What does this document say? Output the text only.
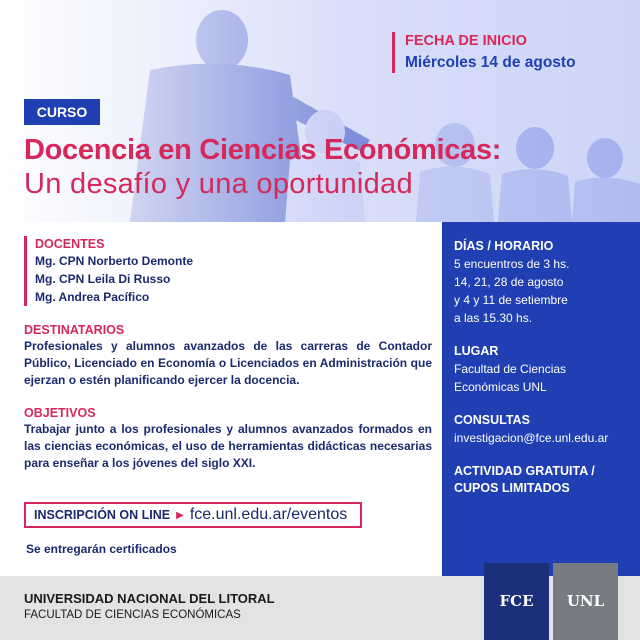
FECHA DE INICIO
Miércoles 14 de agosto
CURSO
Docencia en Ciencias Económicas:
Un desafío y una oportunidad
DOCENTES
Mg. CPN Norberto Demonte
Mg. CPN Leila Di Russo
Mg. Andrea Pacífico
DESTINATARIOS
Profesionales y alumnos avanzados de las carreras de Contador Público, Licenciado en Economía o Licenciados en Administración que ejerzan o estén planificando ejercer la docencia.
OBJETIVOS
Trabajar junto a los profesionales y alumnos avanzados formados en las ciencias económicas, el uso de herramientas didácticas necesarias para enseñar a los jóvenes del siglo XXI.
INSCRIPCIÓN ON LINE ▶ fce.unl.edu.ar/eventos
Se entregarán certificados
DÍAS / HORARIO
5 encuentros de 3 hs.
14, 21, 28 de agosto
y 4 y 11 de setiembre
a las 15.30 hs.
LUGAR
Facultad de Ciencias
Económicas UNL
CONSULTAS
investigacion@fce.unl.edu.ar
ACTIVIDAD GRATUITA /
CUPOS LIMITADOS
UNIVERSIDAD NACIONAL DEL LITORAL
FACULTAD DE CIENCIAS ECONÓMICAS
FCE	UNL
